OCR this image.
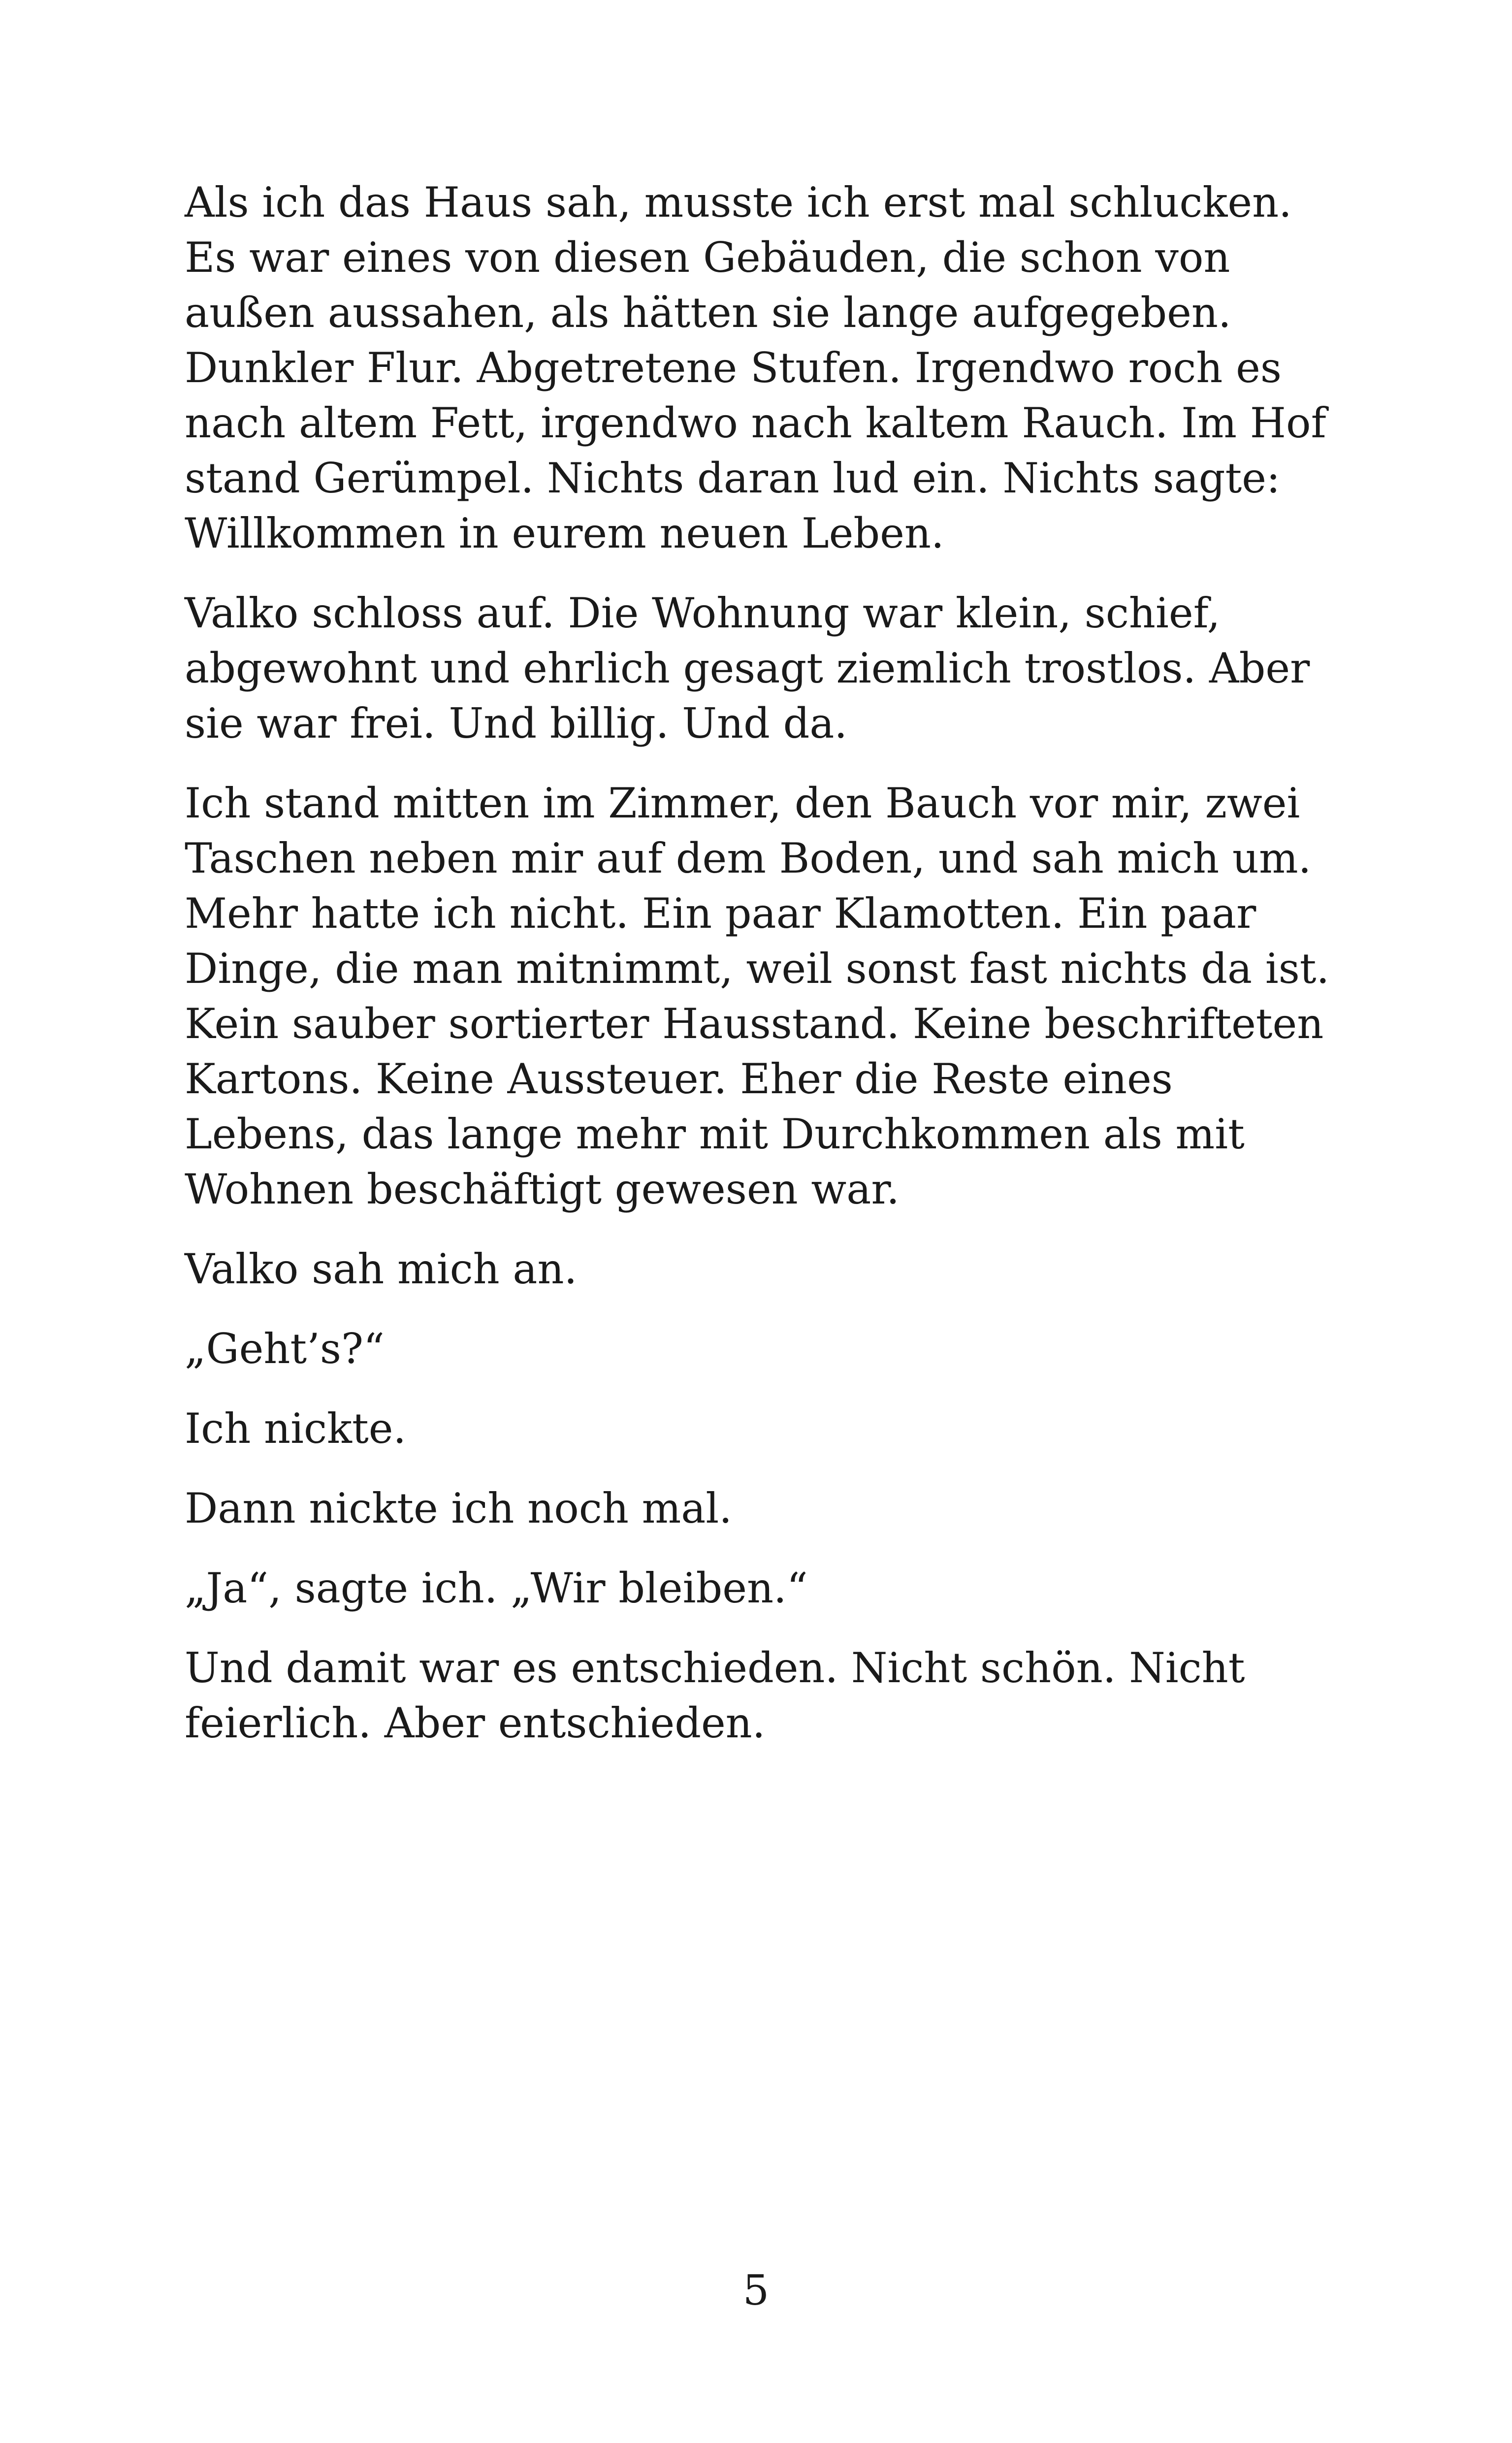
Als ich das Haus sah, musste ich erst mal schlucken.
Es war eines von diesen Gebäuden, die schon von
außen aussahen, als hätten sie lange aufgegeben.
Dunkler Flur. Abgetretene Stufen. Irgendwo roch es
nach altem Fett, irgendwo nach kaltem Rauch. Im Hof
stand Gerümpel. Nichts daran lud ein. Nichts sagte:
Willkommen in eurem neuen Leben.

Valko schloss auf. Die Wohnung war klein, schief,
abgewohnt und ehrlich gesagt ziemlich trostlos. Aber
sie war frei. Und billig. Und da.

Ich stand mitten im Zimmer, den Bauch vor mir, zwei
Taschen neben mir auf dem Boden, und sah mich um.
Mehr hatte ich nicht. Ein paar Klamotten. Ein paar
Dinge, die man mitnimmt, weil sonst fast nichts da ist.
Kein sauber sortierter Hausstand. Keine beschrifteten
Kartons. Keine Aussteuer. Eher die Reste eines
Lebens, das lange mehr mit Durchkommen als mit
Wohnen beschäftigt gewesen war.

Valko sah mich an.

„Geht’s?“

Ich nickte.

Dann nickte ich noch mal.

„Ja“, sagte ich. „Wir bleiben.“

Und damit war es entschieden. Nicht schön. Nicht
feierlich. Aber entschieden.

5
